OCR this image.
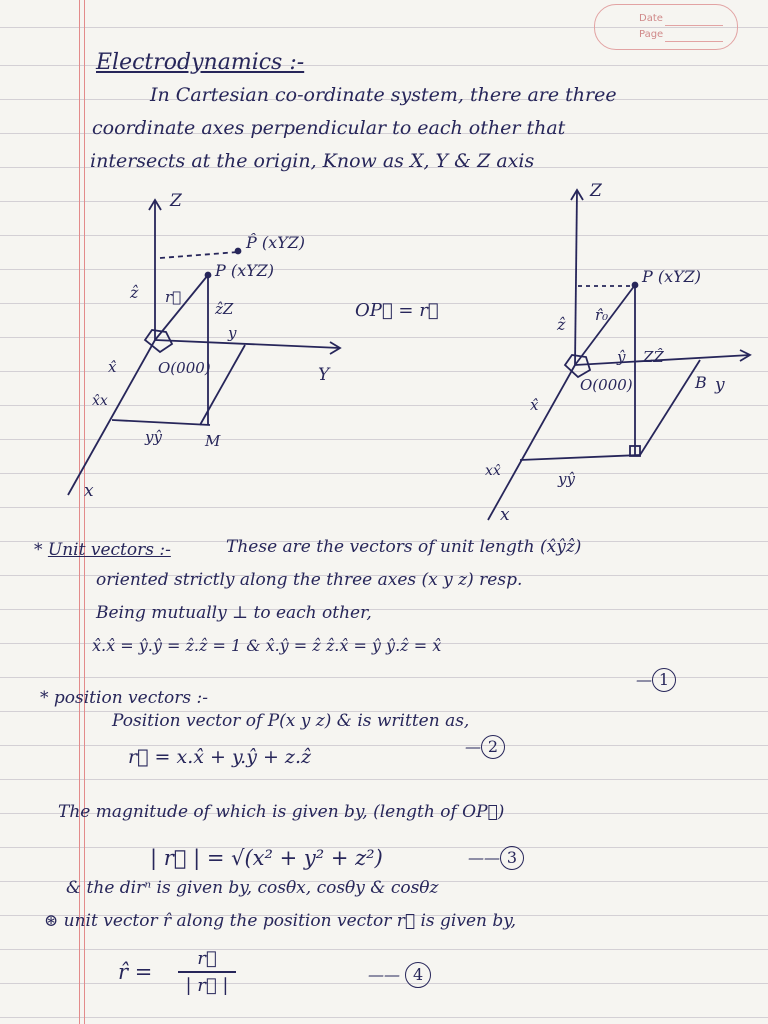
Date
Page
Electrodynamics :-
In Cartesian co-ordinate system, there are three
coordinate axes perpendicular to each other that
intersects at the origin, Know as X, Y & Z axis
Z
Y
x
P̂ (xYZ)
P (xYZ)
ẑ r⃗
ẑZ
y
O(000)
x̂
x̂x
yŷ	M
OP⃗ = r⃗
Z
y
x
P (xYZ)
ẑ r̂₀
ŷ ZẐ
O(000)
x̂
B
xx̂	yŷ
* Unit vectors :-	These are the vectors of unit length (x̂ŷẑ)
oriented strictly along the three axes (x y z) resp.
Being mutually ⊥ to each other,
x̂.x̂ = ŷ.ŷ = ẑ.ẑ = 1 & x̂.ŷ = ẑ ẑ.x̂ = ŷ ŷ.ẑ = x̂
— 1
* position vectors :-
Position vector of P(x y z) & is written as,
r⃗ = x.x̂ + y.ŷ + z.ẑ	— 2
The magnitude of which is given by, (length of OP⃗)
| r⃗ | = √(x² + y² + z²)	—— 3
& the dirⁿ is given by, cosθx, cosθy & cosθz
⊛ unit vector r̂ along the position vector r⃗ is given by,
r̂ =
r⃗
| r⃗ |	—— 4
